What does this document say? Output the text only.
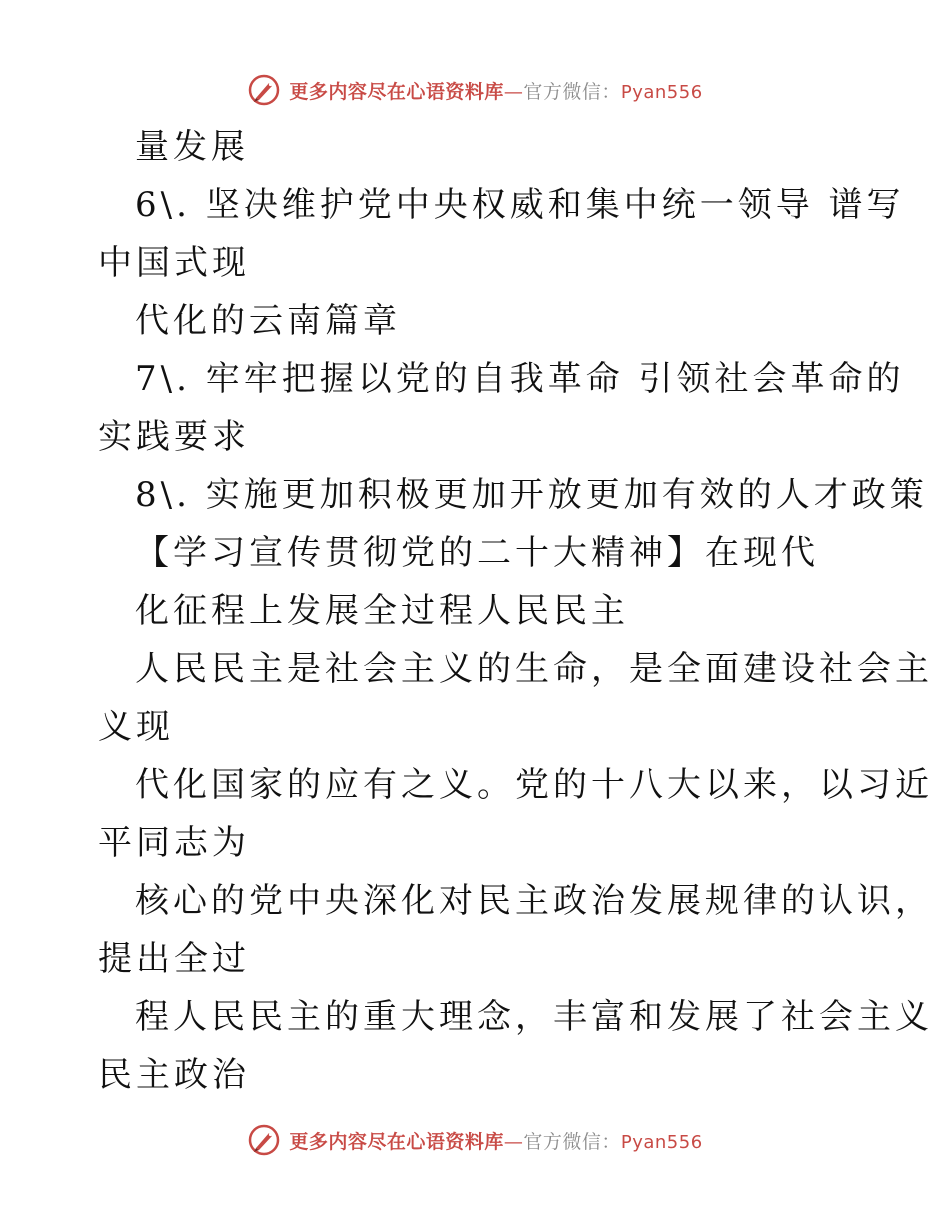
更多内容尽在心语资料库—官方微信：Pyan556
量发展
6\. 坚决维护党中央权威和集中统一领导 谱写
中国式现
代化的云南篇章
7\. 牢牢把握以党的自我革命 引领社会革命的
实践要求
8\. 实施更加积极更加开放更加有效的人才政策
【学习宣传贯彻党的二十大精神】在现代
化征程上发展全过程人民民主
人民民主是社会主义的生命，是全面建设社会主
义现
代化国家的应有之义。党的十八大以来，以习近
平同志为
核心的党中央深化对民主政治发展规律的认识，
提出全过
程人民民主的重大理念，丰富和发展了社会主义
民主政治
更多内容尽在心语资料库—官方微信：Pyan556
